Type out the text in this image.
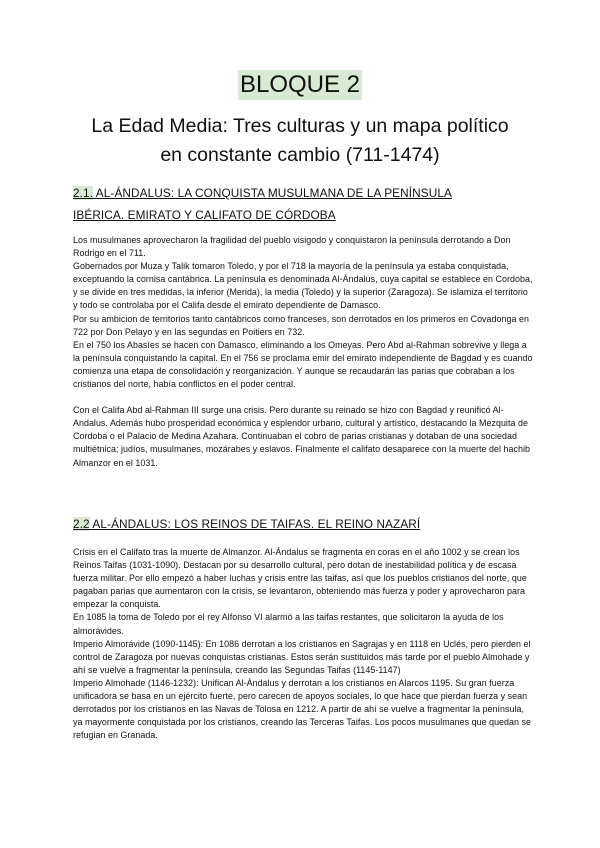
BLOQUE 2
La Edad Media: Tres culturas y un mapa político
en constante cambio (711-1474)
2.1. AL-ÁNDALUS: LA CONQUISTA MUSULMANA DE LA PENÍNSULA
IBÉRICA. EMIRATO Y CALIFATO DE CÓRDOBA

Los musulmanes aprovecharon la fragilidad del pueblo visigodo y conquistaron la península derrotando a Don Rodrigo en el 711.

Gobernados por Muza y Talik tomaron Toledo, y por el 718 la mayoría de la península ya estaba conquistada, exceptuando la cornisa cantábrica. La península es denominada Al-Ándalus, cuya capital se establece en Cordoba, y se divide en tres medidas, la inferior (Merida), la media (Toledo) y la superior (Zaragoza). Se islamiza el territorio y todo se controlaba por el Califa desde el emirato dependiente de Damasco.

Por su ambicion de territorios tanto cantábricos como franceses, son derrotados en los primeros en Covadonga en 722 por Don Pelayo y en las segundas en Poitiers en 732.

En el 750 los Abasíes se hacen con Damasco, eliminando a los Omeyas. Pero Abd al-Rahman sobrevive y llega a la península conquistando la capital. En el 756 se proclama emir del emirato independiente de Bagdad y es cuando comienza una etapa de consolidación y reorganización. Y aunque se recaudarán las parias que cobraban a los cristianos del norte, había conflictos en el poder central.

Con el Califa Abd al-Rahman III surge una crisis. Pero durante su reinado se hizo con Bagdad y reunificó Al-Andalus. Además hubo prosperidad económica y esplendor urbano, cultural y artístico, destacando la Mezquita de Cordoba o el Palacio de Medina Azahara. Continuaban el cobro de parias cristianas y dotaban de una sociedad multiétnica; judíos, musulmanes, mozárabes y eslavos. Finalmente el califato desaparece con la muerte del hachib Almanzor en el 1031.

2.2 AL-ÁNDALUS: LOS REINOS DE TAIFAS. EL REINO NAZARÍ

Crisis en el Califato tras la muerte de Almanzor. Al-Ándalus se fragmenta en coras en el año 1002 y se crean los Reinos Taifas (1031-1090). Destacan por su desarrollo cultural, pero dotan de inestabilidad política y de escasa fuerza militar. Por ello empezó a haber luchas y crisis entre las taifas, así que los pueblos cristianos del norte, que pagaban parias que aumentaron con la crisis, se levantaron, obteniendo más fuerza y poder y aprovecharon para empezar la conquista.

En 1085 la toma de Toledo por el rey Alfonso VI alarmó a las taifas restantes, que solicitaron la ayuda de los almorávides.

Imperio Almorávide (1090-1145): En 1086 derrotan a los cristianos en Sagrajas y en 1118 en Uclés, pero pierden el control de Zaragoza por nuevas conquistas cristianas. Estos serán sustituidos más tarde por el pueblo Almohade y ahí se vuelve a fragmentar la península, creando las Segundas Taifas (1145-1147)

Imperio Almohade (1146-1232): Unifican Al-Ándalus y derrotan a los cristianos en Alarcos 1195. Su gran fuerza unificadora se basa en un ejército fuerte, pero carecen de apoyos sociales, lo que hace que pierdan fuerza y sean derrotados por los cristianos en las Navas de Tolosa en 1212. A partir de ahí se vuelve a fragmentar la península, ya mayormente conquistada por los cristianos, creando las Terceras Taifas. Los pocos musulmanes que quedan se refugian en Granada.
